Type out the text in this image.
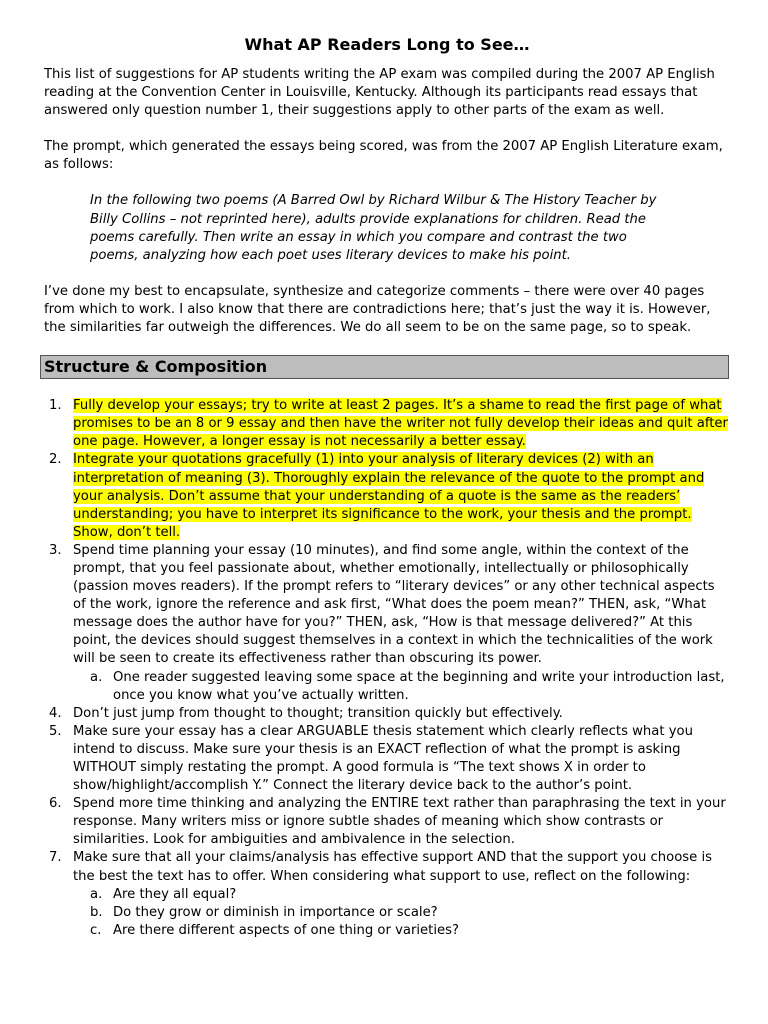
What AP Readers Long to See…

This list of suggestions for AP students writing the AP exam was compiled during the 2007 AP English reading at the Convention Center in Louisville, Kentucky. Although its participants read essays that answered only question number 1, their suggestions apply to other parts of the exam as well.

The prompt, which generated the essays being scored, was from the 2007 AP English Literature exam, as follows:

In the following two poems (A Barred Owl by Richard Wilbur & The History Teacher by Billy Collins – not reprinted here), adults provide explanations for children. Read the poems carefully. Then write an essay in which you compare and contrast the two poems, analyzing how each poet uses literary devices to make his point.

I’ve done my best to encapsulate, synthesize and categorize comments – there were over 40 pages from which to work. I also know that there are contradictions here; that’s just the way it is. However, the similarities far outweigh the differences. We do all seem to be on the same page, so to speak.

Structure & Composition
1. Fully develop your essays; try to write at least 2 pages. It’s a shame to read the first page of what promises to be an 8 or 9 essay and then have the writer not fully develop their ideas and quit after one page. However, a longer essay is not necessarily a better essay.
2. Integrate your quotations gracefully (1) into your analysis of literary devices (2) with an interpretation of meaning (3). Thoroughly explain the relevance of the quote to the prompt and your analysis. Don’t assume that your understanding of a quote is the same as the readers’ understanding; you have to interpret its significance to the work, your thesis and the prompt. Show, don’t tell.
3. Spend time planning your essay (10 minutes), and find some angle, within the context of the prompt, that you feel passionate about, whether emotionally, intellectually or philosophically (passion moves readers). If the prompt refers to “literary devices” or any other technical aspects of the work, ignore the reference and ask first, “What does the poem mean?” THEN, ask, “What message does the author have for you?” THEN, ask, “How is that message delivered?” At this point, the devices should suggest themselves in a context in which the technicalities of the work will be seen to create its effectiveness rather than obscuring its power.
a. One reader suggested leaving some space at the beginning and write your introduction last, once you know what you’ve actually written.
4. Don’t just jump from thought to thought; transition quickly but effectively.
5. Make sure your essay has a clear ARGUABLE thesis statement which clearly reflects what you intend to discuss. Make sure your thesis is an EXACT reflection of what the prompt is asking WITHOUT simply restating the prompt. A good formula is “The text shows X in order to show/highlight/accomplish Y.” Connect the literary device back to the author’s point.
6. Spend more time thinking and analyzing the ENTIRE text rather than paraphrasing the text in your response. Many writers miss or ignore subtle shades of meaning which show contrasts or similarities. Look for ambiguities and ambivalence in the selection.
7. Make sure that all your claims/analysis has effective support AND that the support you choose is the best the text has to offer. When considering what support to use, reflect on the following:
a. Are they all equal?
b. Do they grow or diminish in importance or scale?
c. Are there different aspects of one thing or varieties?
